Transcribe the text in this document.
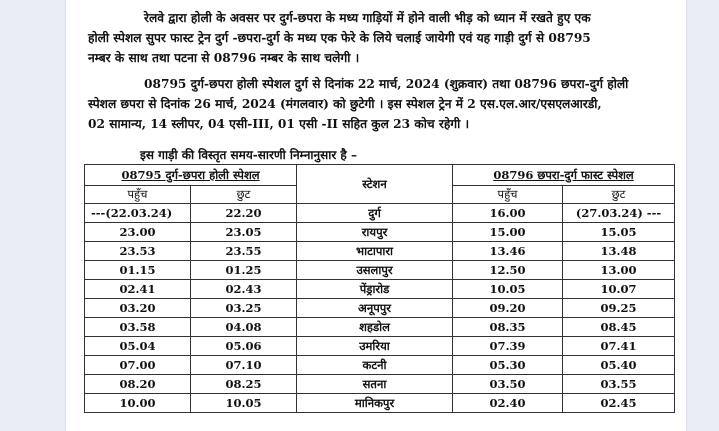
रेलवे द्वारा होली के अवसर पर दुर्ग-छपरा के मध्य गाड़ियों में होने वाली भीड़ को ध्यान में रखते हुए एक
होली स्पेशल सुपर फास्ट ट्रेन दुर्ग -छपरा-दुर्ग के मध्य एक फेरे के लिये चलाई जायेगी एवं यह गाड़ी दुर्ग से 08795
नम्बर के साथ तथा पटना से 08796 नम्बर के साथ चलेगी ।

08795 दुर्ग-छपरा होली स्पेशल दुर्ग से दिनांक 22 मार्च, 2024 (शुक्रवार) तथा 08796 छपरा-दुर्ग होली
स्पेशल छपरा से दिनांक 26 मार्च, 2024 (मंगलवार) को छुटेगी । इस स्पेशल ट्रेन में 2 एस.एल.आर/एसएलआरडी,
02 सामान्य, 14 स्लीपर, 04 एसी-III, 01 एसी -II सहित कुल 23 कोच रहेगी ।

इस गाड़ी की विस्तृत समय-सारणी निम्नानुसार है –

08795 दुर्ग-छपरा होली स्पेशल		स्टेशन	08796 छपरा-दुर्ग फास्ट स्पेशल	
पहुँच	छुट		पहुँच	छुट
---(22.03.24)	22.20	दुर्ग	16.00	(27.03.24) ---
23.00	23.05	रायपुर	15.00	15.05
23.53	23.55	भाटापारा	13.46	13.48
01.15	01.25	उसलापुर	12.50	13.00
02.41	02.43	पेंड्रारोड	10.05	10.07
03.20	03.25	अनूपपुर	09.20	09.25
03.58	04.08	शहडोल	08.35	08.45
05.04	05.06	उमरिया	07.39	07.41
07.00	07.10	कटनी	05.30	05.40
08.20	08.25	सतना	03.50	03.55
10.00	10.05	मानिकपुर	02.40	02.45
